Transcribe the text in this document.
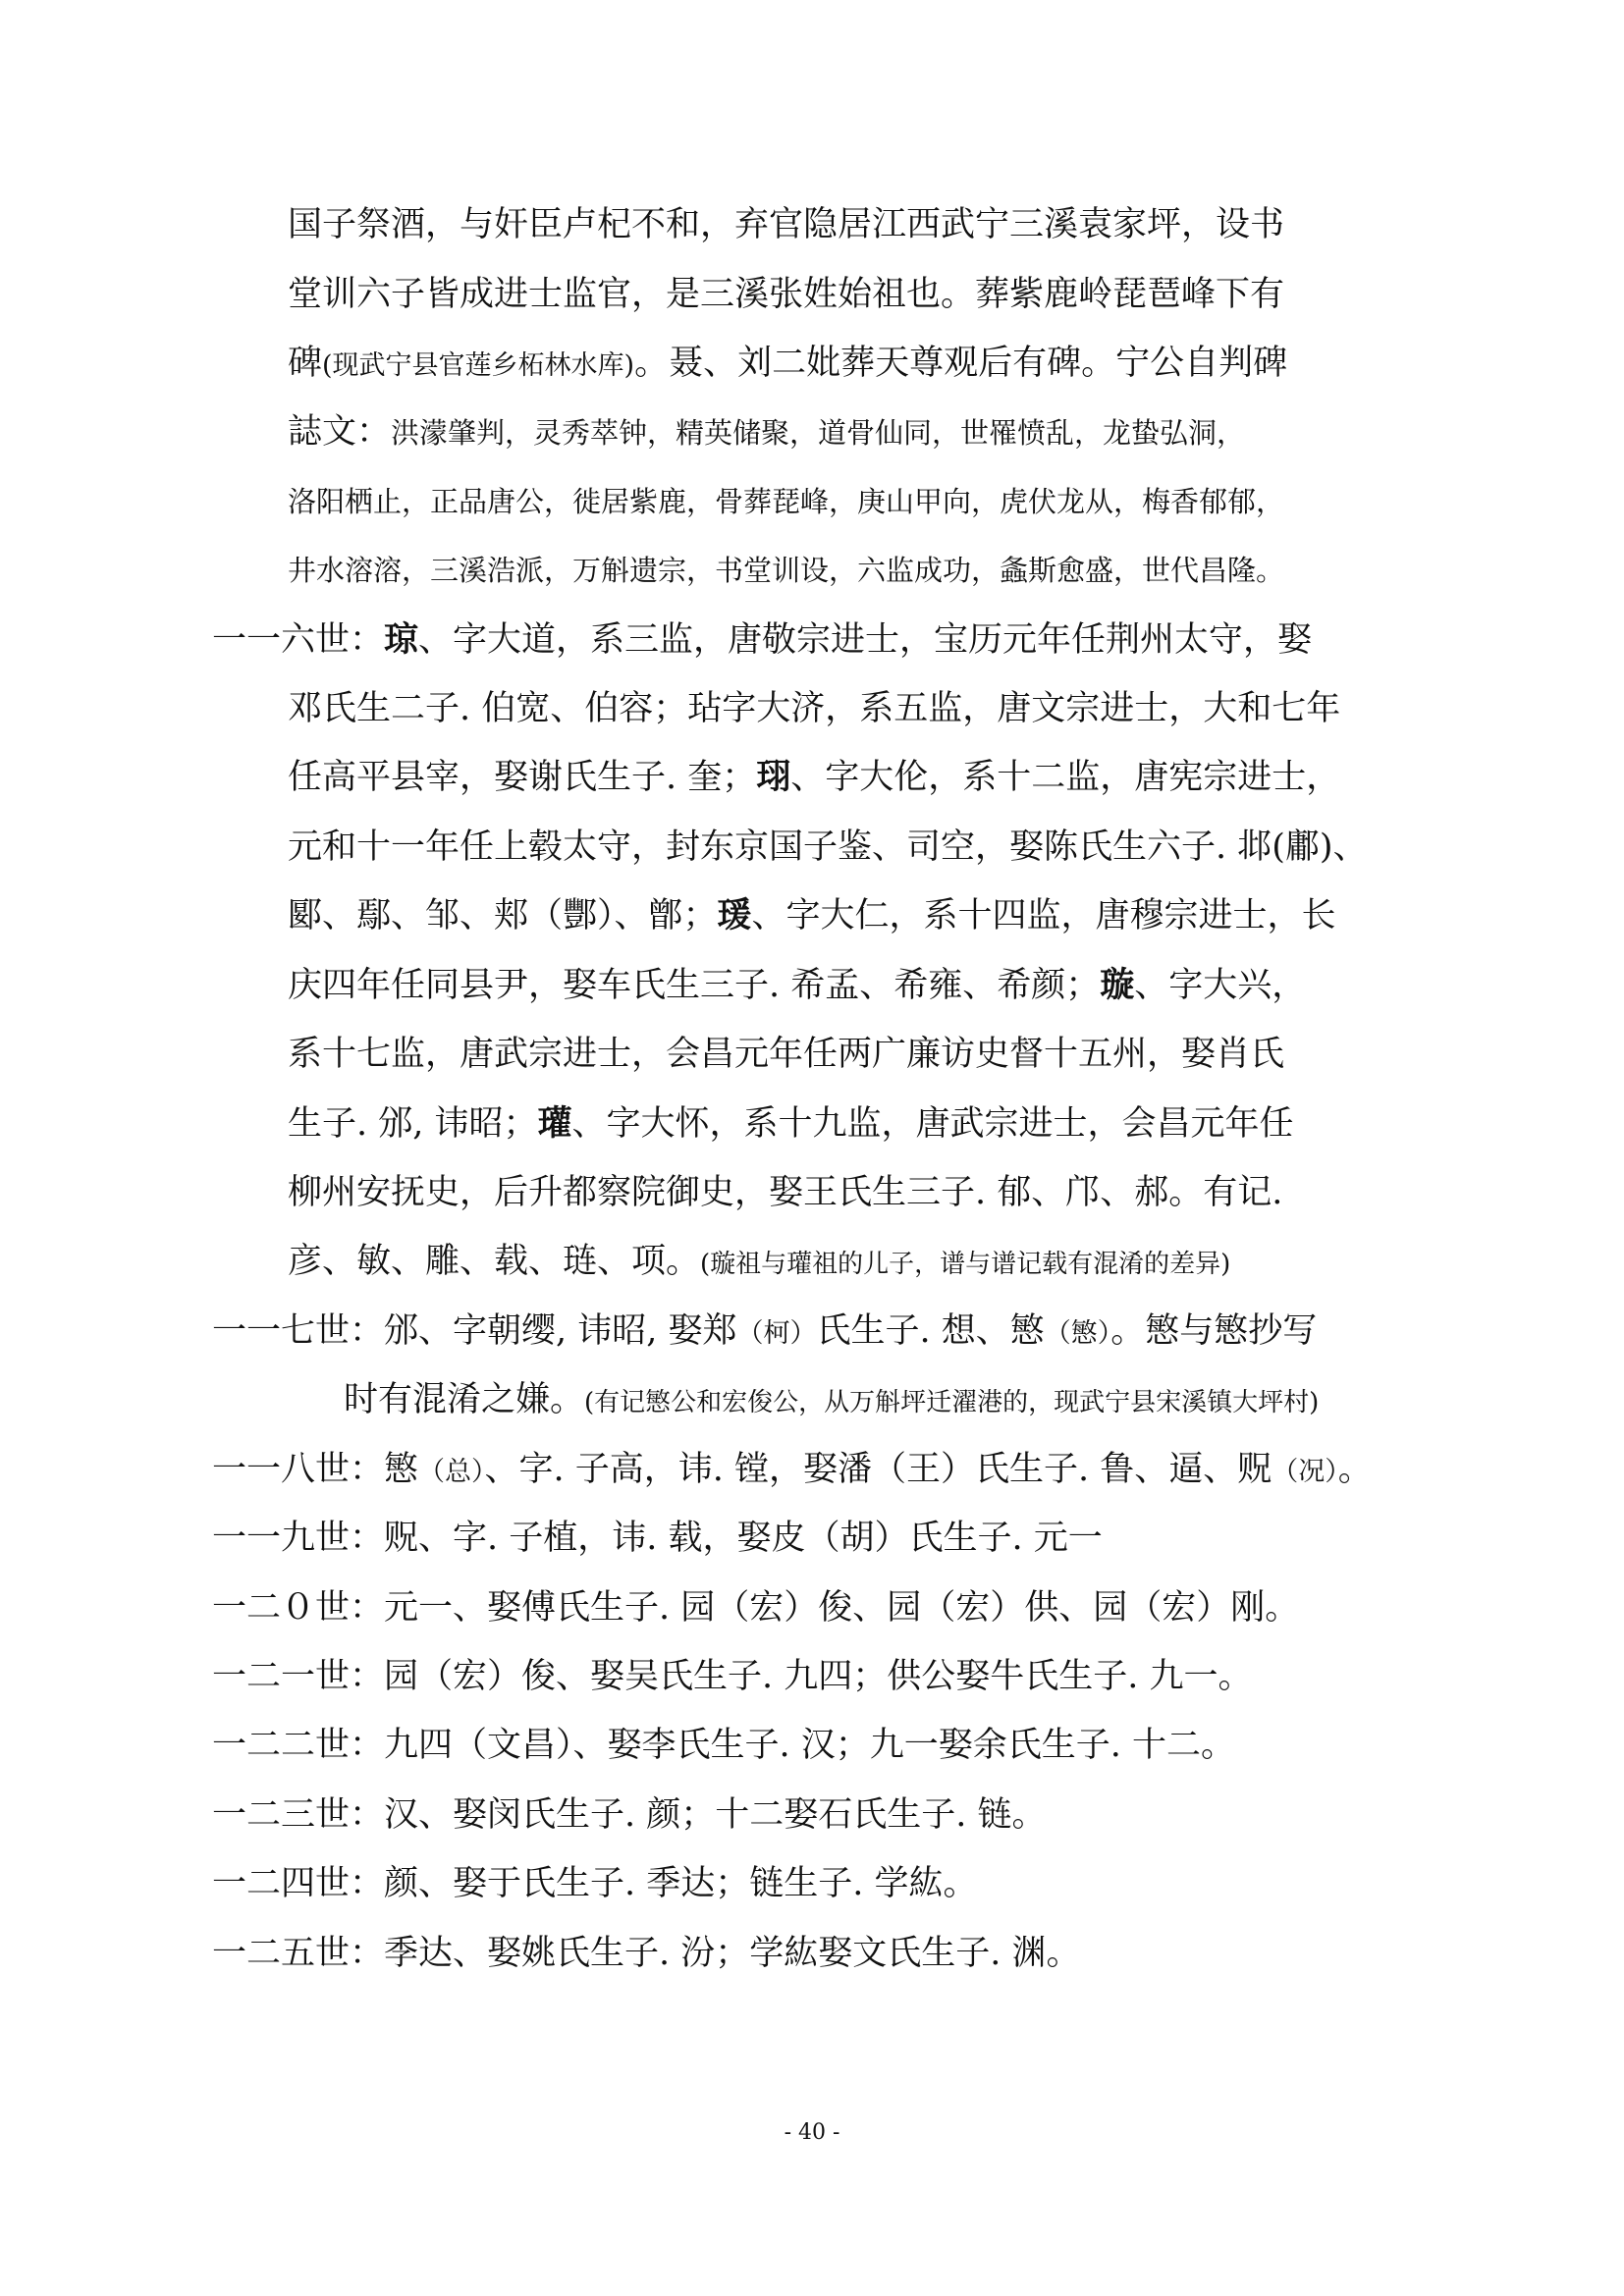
国子祭酒，与奸臣卢杞不和，弃官隐居江西武宁三溪袁家坪，设书
堂训六子皆成进士监官，是三溪张姓始祖也。葬紫鹿岭琵琶峰下有
碑(现武宁县官莲乡柘林水库)。聂、刘二妣葬天尊观后有碑。宁公自判碑
誌文：洪濛肇判，灵秀萃钟，精英储聚，道骨仙同，世罹愤乱，龙蛰弘洞，
洛阳栖止，正品唐公，徙居紫鹿，骨葬琵峰，庚山甲向，虎伏龙从，梅香郁郁，
井水溶溶，三溪浩派，万斛遗宗，书堂训设，六监成功，螽斯愈盛，世代昌隆。
一一六世：琼、字大道，系三监，唐敬宗进士，宝历元年任荆州太守，娶
邓氏生二子. 伯宽、伯容；玷字大济，系五监，唐文宗进士，大和七年
任高平县宰，娶谢氏生子. 奎；珝、字大伦，系十二监，唐宪宗进士，
元和十一年任上毂太守，封东京国子鉴、司空，娶陈氏生六子. 邶(鄘)、
郾、鄢、邹、郏（酆）、鄫；瑗、字大仁，系十四监，唐穆宗进士，长
庆四年任同县尹，娶车氏生三子. 希孟、希雍、希颜；璇、字大兴，
系十七监，唐武宗进士，会昌元年任两广廉访史督十五州，娶肖氏
生子. 邠, 讳昭；瓘、字大怀，系十九监，唐武宗进士，会昌元年任
柳州安抚史，后升都察院御史，娶王氏生三子. 郁、邝、郝。有记.
彦、敏、雕、载、琏、项。(璇祖与瓘祖的儿子，谱与谱记载有混淆的差异)
一一七世：邠、字朝缨, 讳昭, 娶郑（柯）氏生子. 想、慜（慜）。慜与慜抄写
时有混淆之嫌。(有记慜公和宏俊公，从万斛坪迁濯港的，现武宁县宋溪镇大坪村)
一一八世：慜（总）、字. 子高，讳. 镗，娶潘（王）氏生子. 鲁、逼、贶（况）。
一一九世：贶、字. 子植，讳. 载，娶皮（胡）氏生子. 元一
一二０世：元一、娶傅氏生子. 园（宏）俊、园（宏）供、园（宏）刚。
一二一世：园（宏）俊、娶吴氏生子. 九四；供公娶牛氏生子. 九一。
一二二世：九四（文昌）、娶李氏生子. 汉；九一娶余氏生子. 十二。
一二三世：汉、娶闵氏生子. 颜；十二娶石氏生子. 链。
一二四世：颜、娶于氏生子. 季达；链生子. 学紘。
一二五世：季达、娶姚氏生子. 汾；学紘娶文氏生子. 渊。
- 40 -
